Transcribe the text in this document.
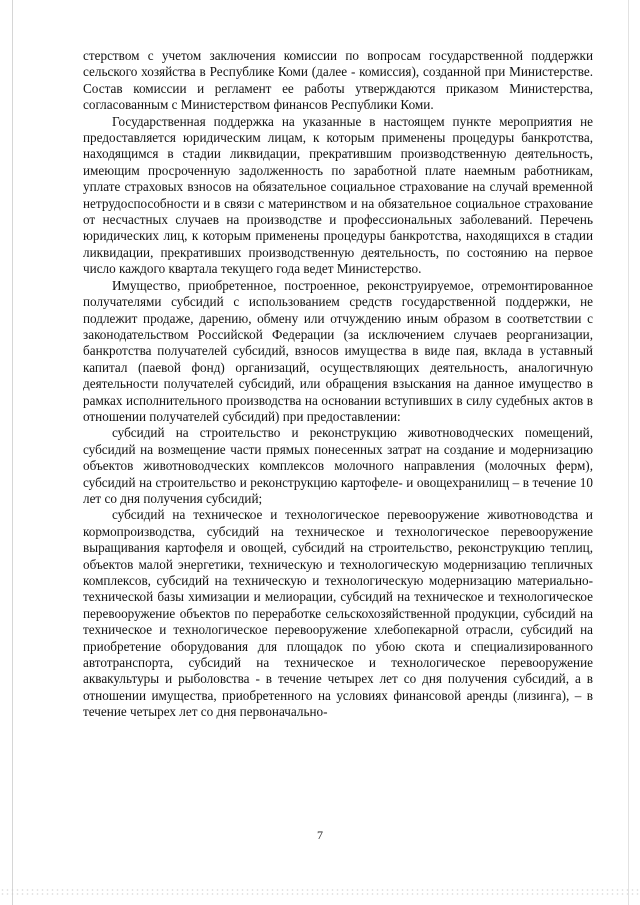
стерством с учетом заключения комиссии по вопросам государственной поддержки сельского хозяйства в Республике Коми (далее - комиссия), созданной при Министерстве. Состав комиссии и регламент ее работы утверждаются приказом Министерства, согласованным с Министерством финансов Республики Коми.

Государственная поддержка на указанные в настоящем пункте мероприятия не предоставляется юридическим лицам, к которым применены процедуры банкротства, находящимся в стадии ликвидации, прекратившим производственную деятельность, имеющим просроченную задолженность по заработной плате наемным работникам, уплате страховых взносов на обязательное социальное страхование на случай временной нетрудоспособности и в связи с материнством и на обязательное социальное страхование от несчастных случаев на производстве и профессиональных заболеваний. Перечень юридических лиц, к которым применены процедуры банкротства, находящихся в стадии ликвидации, прекративших производственную деятельность, по состоянию на первое число каждого квартала текущего года ведет Министерство.

Имущество, приобретенное, построенное, реконструируемое, отремонтированное получателями субсидий с использованием средств государственной поддержки, не подлежит продаже, дарению, обмену или отчуждению иным образом в соответствии с законодательством Российской Федерации (за исключением случаев реорганизации, банкротства получателей субсидий, взносов имущества в виде пая, вклада в уставный капитал (паевой фонд) организаций, осуществляющих деятельность, аналогичную деятельности получателей субсидий, или обращения взыскания на данное имущество в рамках исполнительного производства на основании вступивших в силу судебных актов в отношении получателей субсидий) при предоставлении:

субсидий на строительство и реконструкцию животноводческих помещений, субсидий на возмещение части прямых понесенных затрат на создание и модернизацию объектов животноводческих комплексов молочного направления (молочных ферм), субсидий на строительство и реконструкцию картофеле- и овощехранилищ – в течение 10 лет со дня получения субсидий;

субсидий на техническое и технологическое перевооружение животноводства и кормопроизводства, субсидий на техническое и технологическое перевооружение выращивания картофеля и овощей, субсидий на строительство, реконструкцию теплиц, объектов малой энергетики, техническую и технологическую модернизацию тепличных комплексов, субсидий на техническую и технологическую модернизацию материально-технической базы химизации и мелиорации, субсидий на техническое и технологическое перевооружение объектов по переработке сельскохозяйственной продукции, субсидий на техническое и технологическое перевооружение хлебопекарной отрасли, субсидий на приобретение оборудования для площадок по убою скота и специализированного автотранспорта, субсидий на техническое и технологическое перевооружение аквакультуры и рыболовства - в течение четырех лет со дня получения субсидий, а в отношении имущества, приобретенного на условиях финансовой аренды (лизинга), – в течение четырех лет со дня первоначально-

7
